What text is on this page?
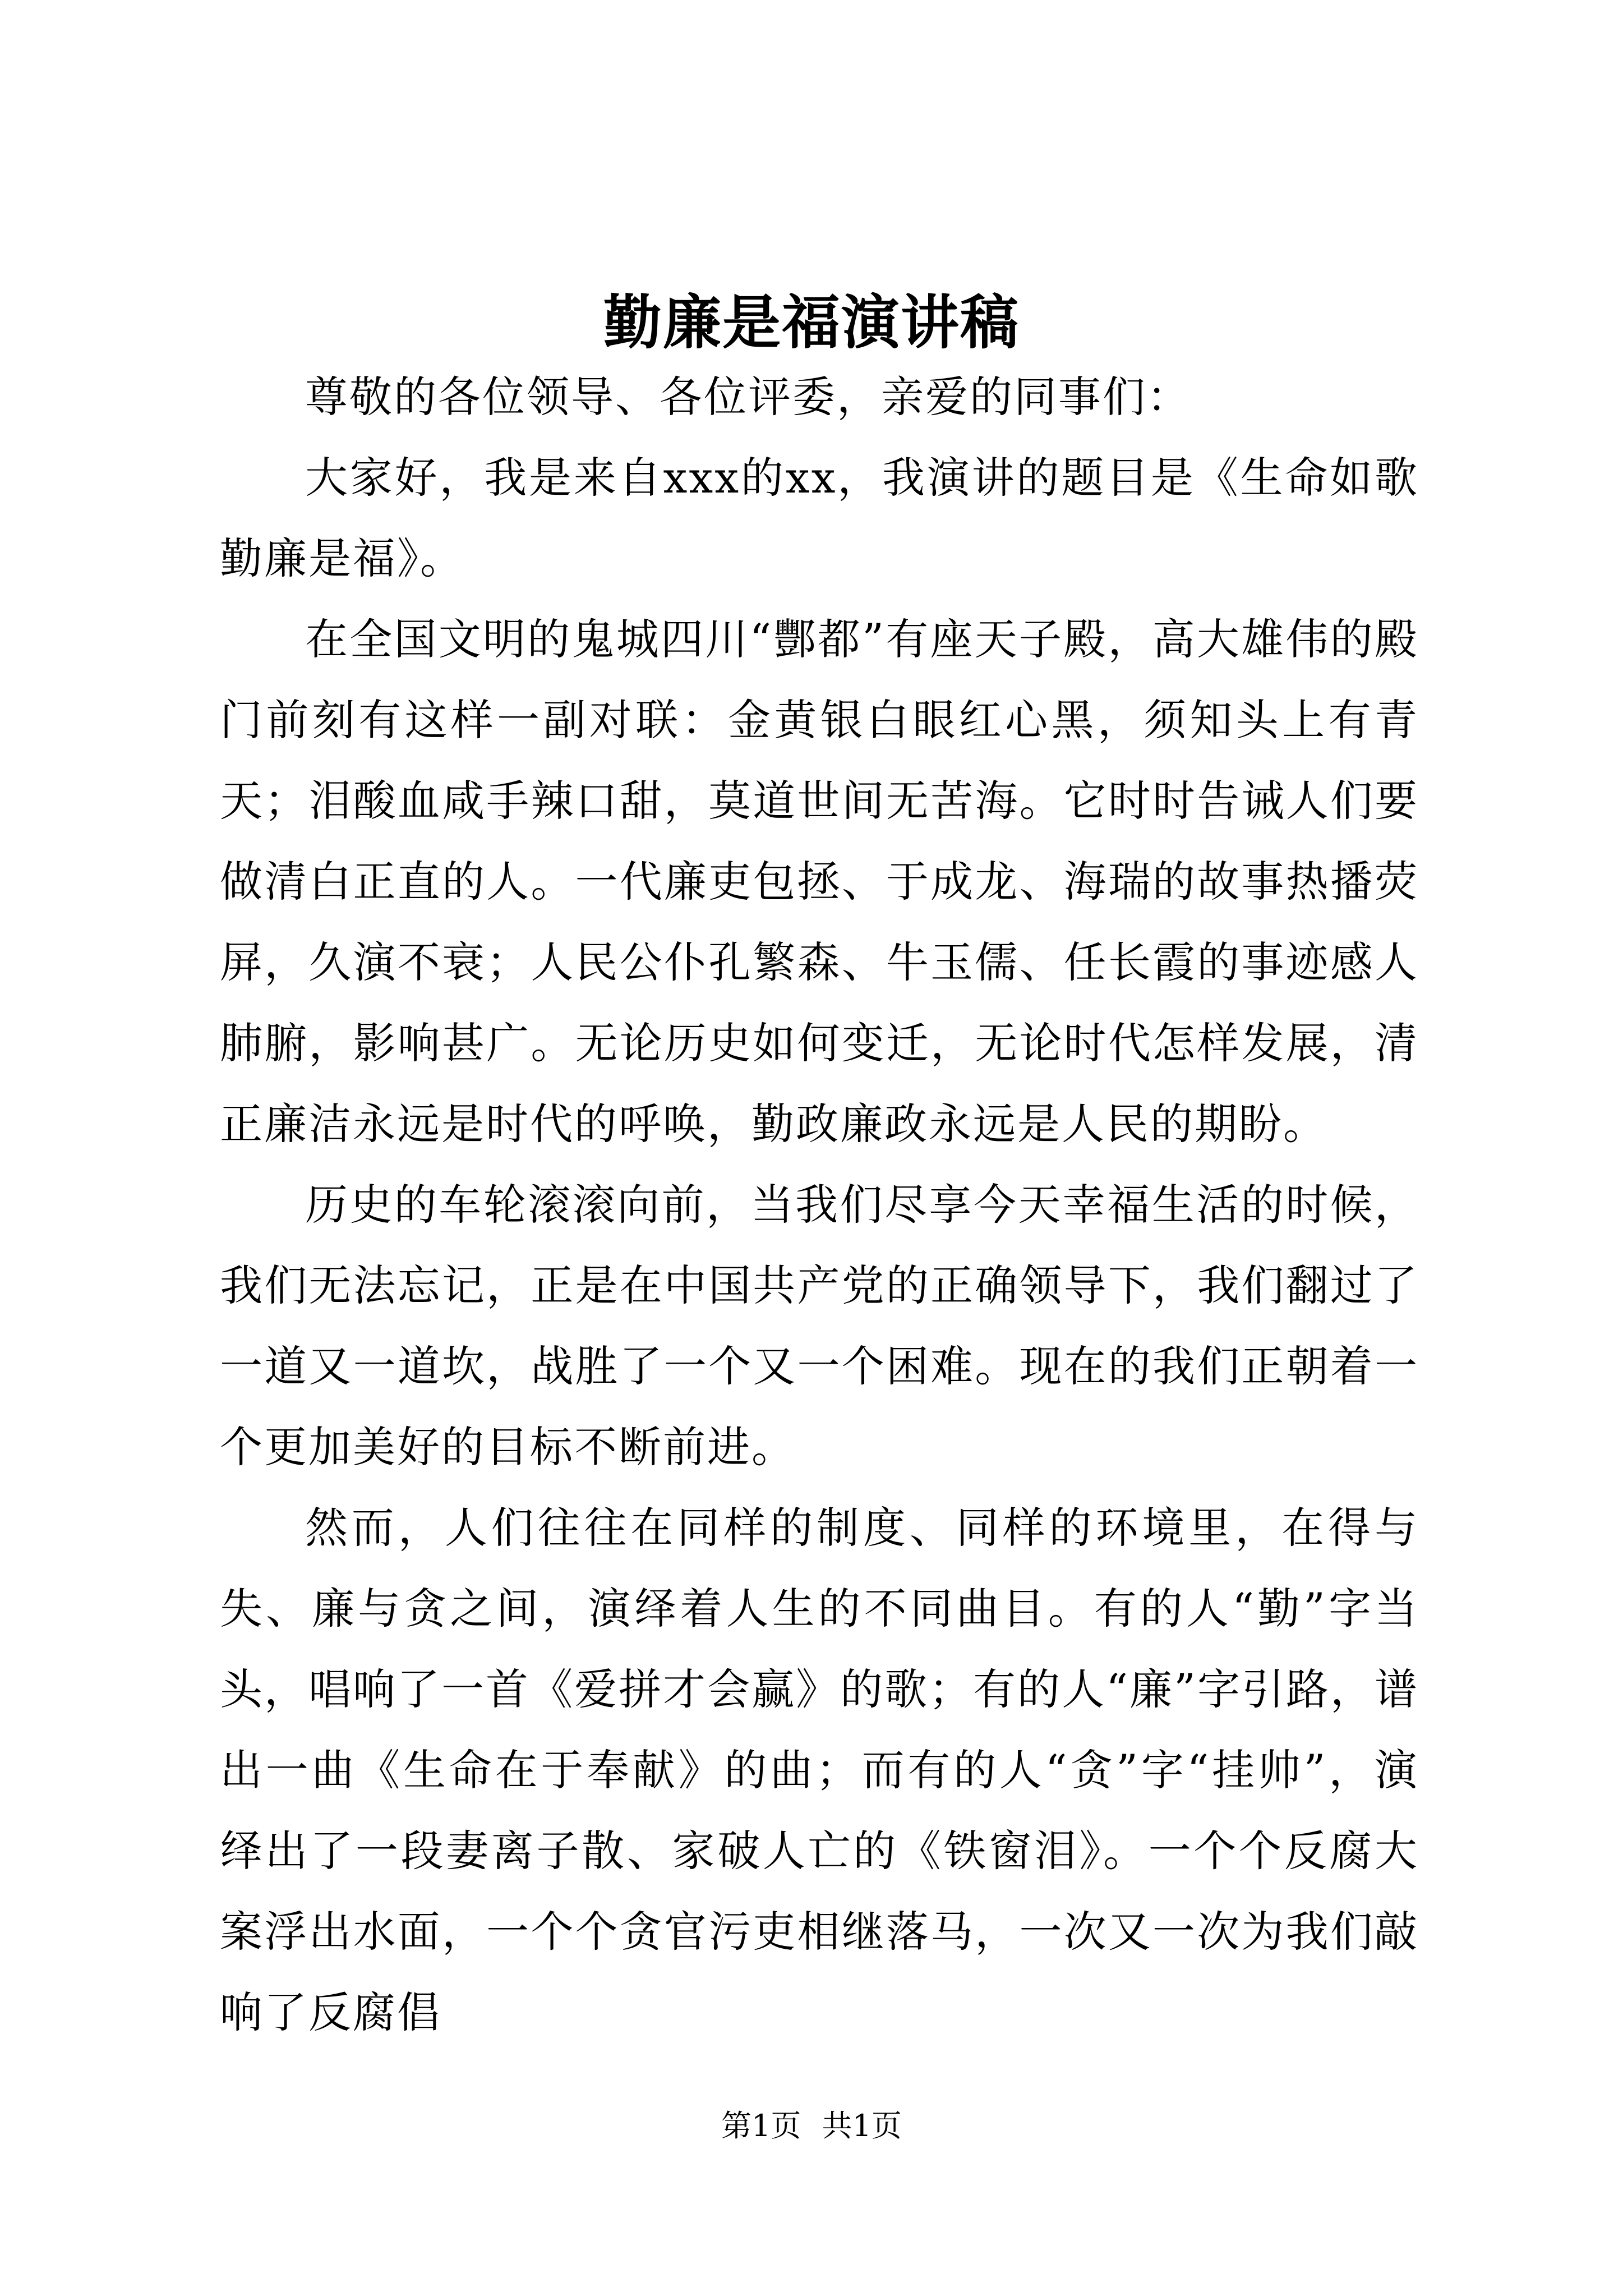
勤廉是福演讲稿

尊敬的各位领导、各位评委，亲爱的同事们：

大家好，我是来自xxx的xx，我演讲的题目是《生命如歌勤廉是福》。

在全国文明的鬼城四川“酆都”有座天子殿，高大雄伟的殿门前刻有这样一副对联：金黄银白眼红心黑，须知头上有青天；泪酸血咸手辣口甜，莫道世间无苦海。它时时告诫人们要做清白正直的人。一代廉吏包拯、于成龙、海瑞的故事热播荧屏，久演不衰；人民公仆孔繁森、牛玉儒、任长霞的事迹感人肺腑，影响甚广。无论历史如何变迁，无论时代怎样发展，清正廉洁永远是时代的呼唤，勤政廉政永远是人民的期盼。

历史的车轮滚滚向前，当我们尽享今天幸福生活的时候，我们无法忘记，正是在中国共产党的正确领导下，我们翻过了一道又一道坎，战胜了一个又一个困难。现在的我们正朝着一个更加美好的目标不断前进。

然而，人们往往在同样的制度、同样的环境里，在得与失、廉与贪之间，演绎着人生的不同曲目。有的人“勤”字当头，唱响了一首《爱拼才会赢》的歌；有的人“廉”字引路，谱出一曲《生命在于奉献》的曲；而有的人“贪”字“挂帅”，演绎出了一段妻离子散、家破人亡的《铁窗泪》。一个个反腐大案浮出水面，一个个贪官污吏相继落马，一次又一次为我们敲响了反腐倡

第1页 共1页
